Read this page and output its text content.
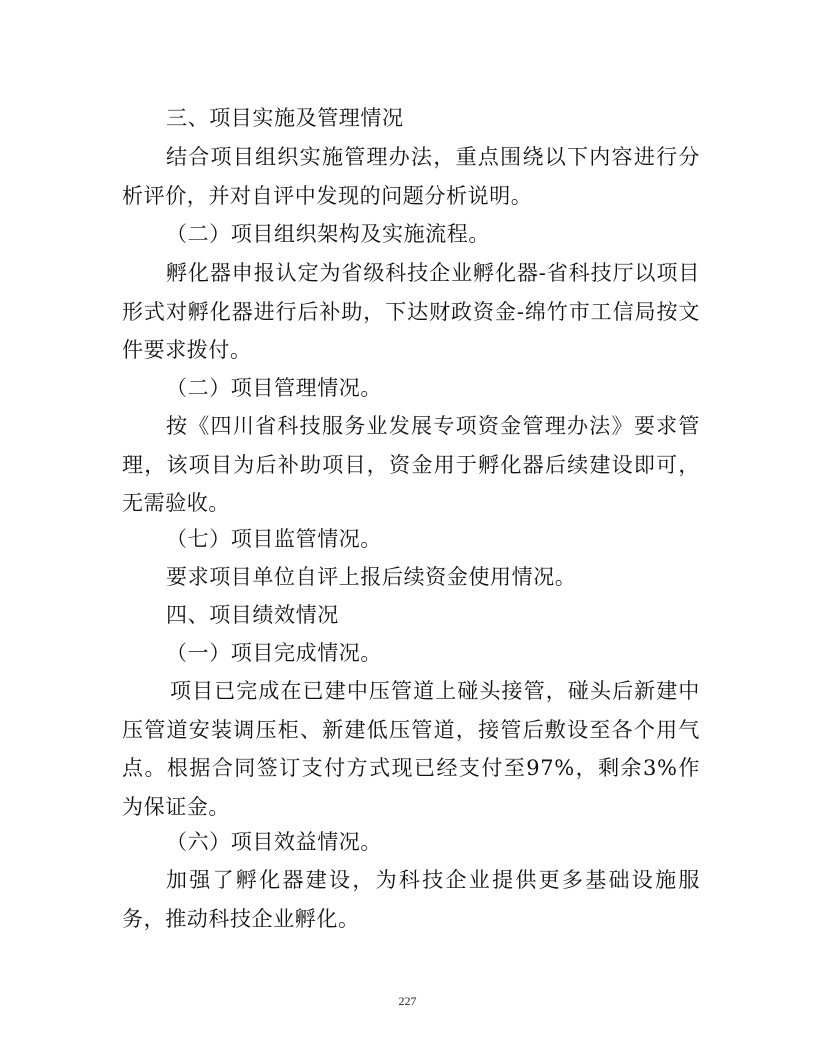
三、项目实施及管理情况

结合项目组织实施管理办法，重点围绕以下内容进行分析评价，并对自评中发现的问题分析说明。

（二）项目组织架构及实施流程。

孵化器申报认定为省级科技企业孵化器-省科技厅以项目形式对孵化器进行后补助，下达财政资金-绵竹市工信局按文件要求拨付。

（二）项目管理情况。

按《四川省科技服务业发展专项资金管理办法》要求管理，该项目为后补助项目，资金用于孵化器后续建设即可，无需验收。

（七）项目监管情况。

要求项目单位自评上报后续资金使用情况。

四、项目绩效情况

（一）项目完成情况。

项目已完成在已建中压管道上碰头接管，碰头后新建中压管道安装调压柜、新建低压管道，接管后敷设至各个用气点。根据合同签订支付方式现已经支付至97%，剩余3%作为保证金。

（六）项目效益情况。

加强了孵化器建设，为科技企业提供更多基础设施服务，推动科技企业孵化。

227
